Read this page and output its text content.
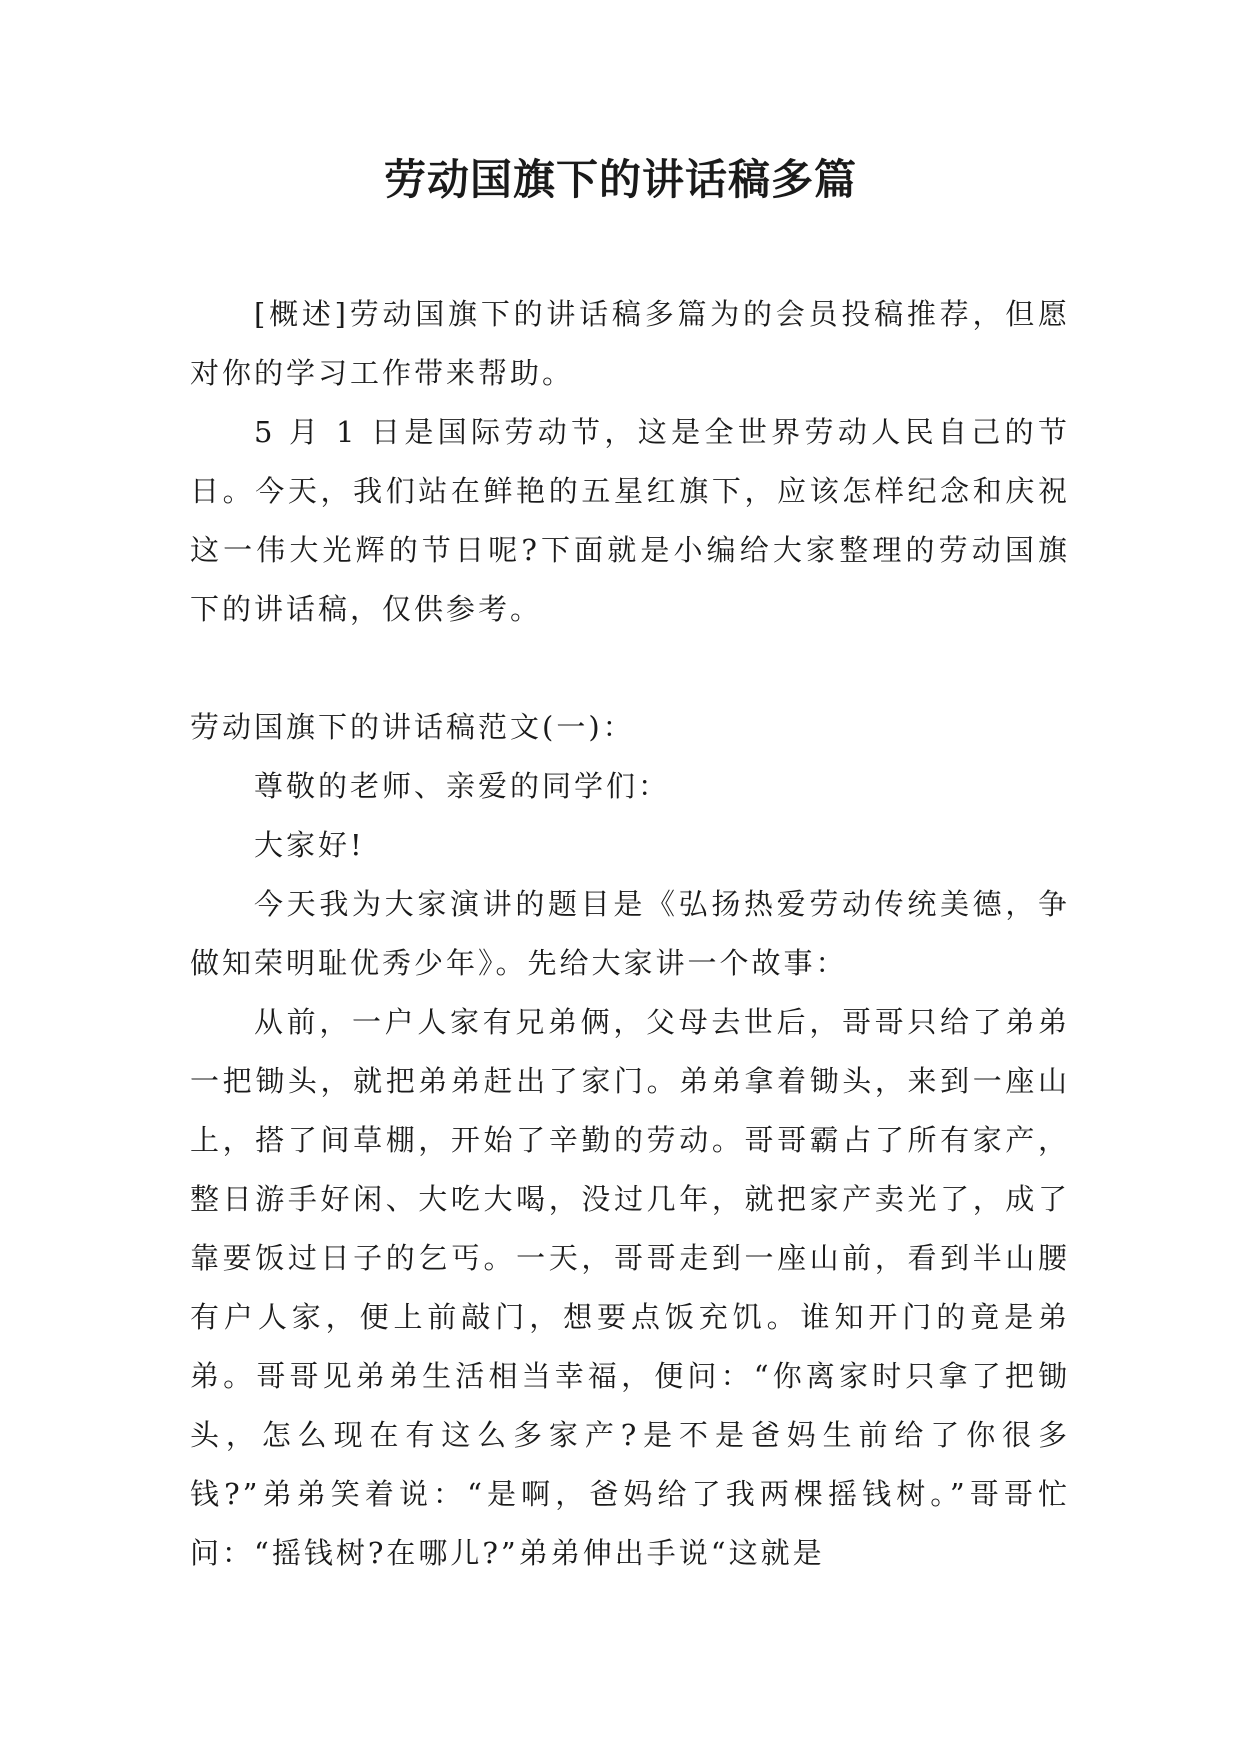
劳动国旗下的讲话稿多篇

[概述]劳动国旗下的讲话稿多篇为的会员投稿推荐，但愿对你的学习工作带来帮助。

5 月 1 日是国际劳动节，这是全世界劳动人民自己的节日。今天，我们站在鲜艳的五星红旗下，应该怎样纪念和庆祝这一伟大光辉的节日呢?下面就是小编给大家整理的劳动国旗下的讲话稿，仅供参考。

劳动国旗下的讲话稿范文(一)：

尊敬的老师、亲爱的同学们：

大家好!

今天我为大家演讲的题目是《弘扬热爱劳动传统美德，争做知荣明耻优秀少年》。先给大家讲一个故事：

从前，一户人家有兄弟俩，父母去世后，哥哥只给了弟弟一把锄头，就把弟弟赶出了家门。弟弟拿着锄头，来到一座山上，搭了间草棚，开始了辛勤的劳动。哥哥霸占了所有家产，整日游手好闲、大吃大喝，没过几年，就把家产卖光了，成了靠要饭过日子的乞丐。一天，哥哥走到一座山前，看到半山腰有户人家，便上前敲门，想要点饭充饥。谁知开门的竟是弟弟。哥哥见弟弟生活相当幸福，便问：“你离家时只拿了把锄头，怎么现在有这么多家产?是不是爸妈生前给了你很多钱?”弟弟笑着说：“是啊，爸妈给了我两棵摇钱树。”哥哥忙问：“摇钱树?在哪儿?”弟弟伸出手说“这就是
